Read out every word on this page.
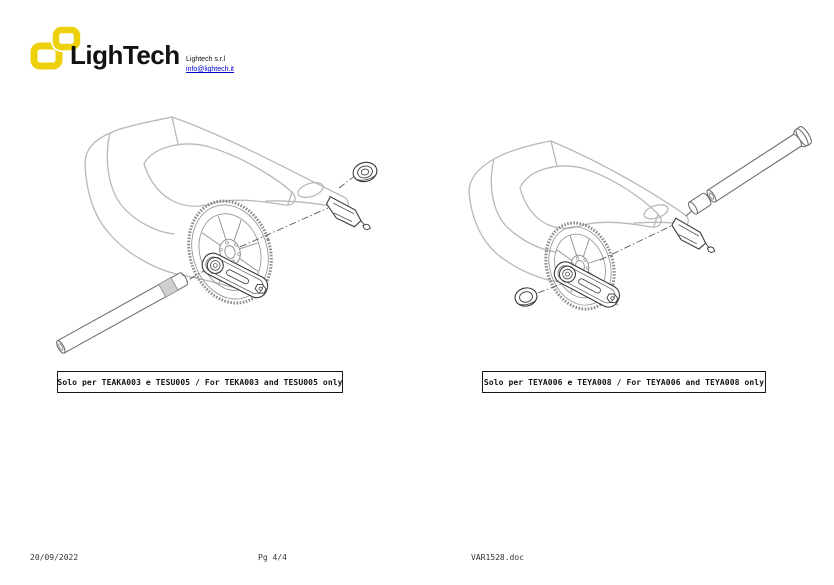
LighTech Lightech s.r.l
info@lightech.it
Solo per TEAKA003 e TESU005 / For TEKA003 and TESU005 only	Solo per TEYA006 e TEYA008 / For TEYA006 and TEYA008 only
20/09/2022	Pg 4/4	VAR1528.doc
